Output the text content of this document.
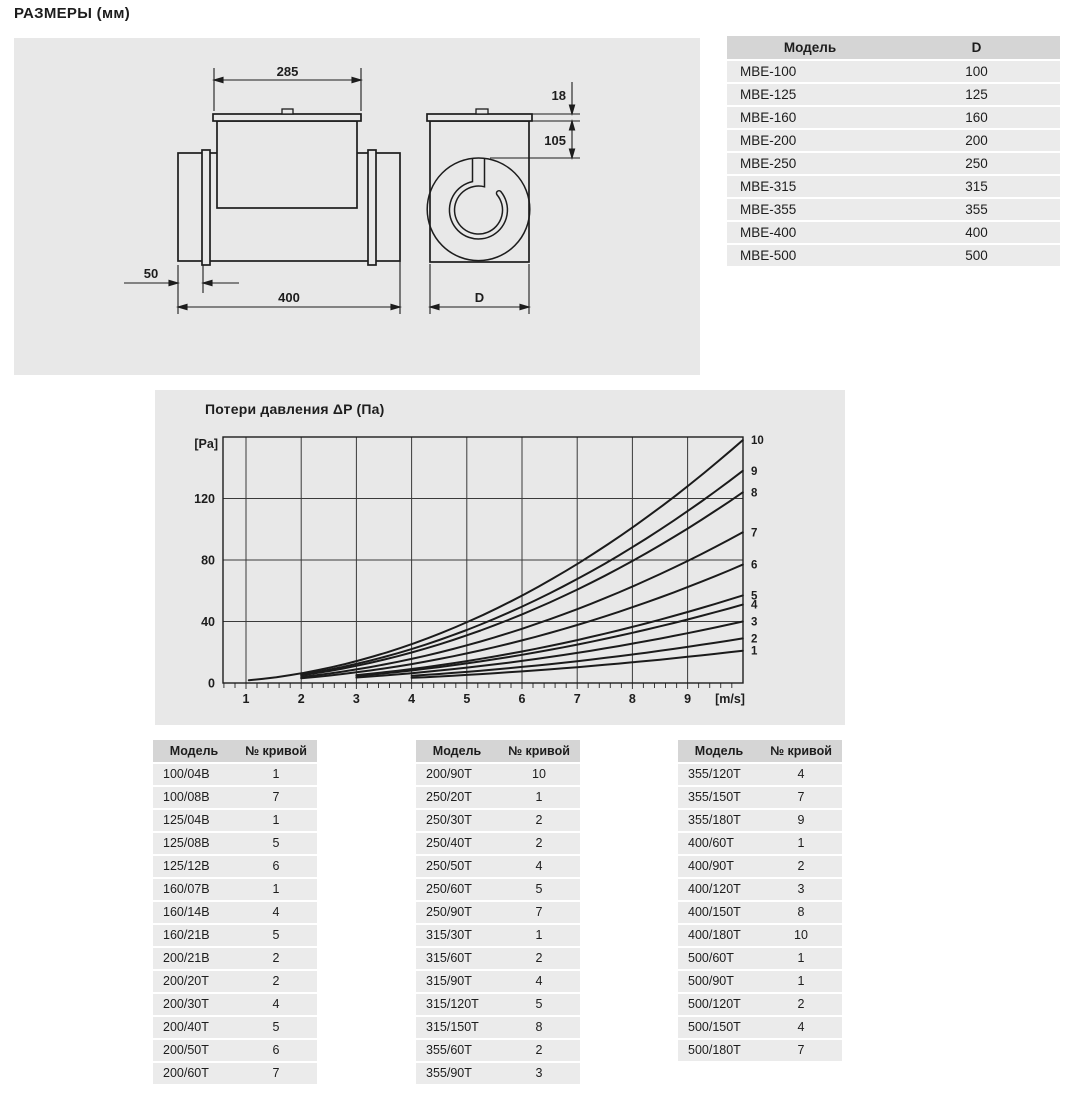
РАЗМЕРЫ (мм)
285
400
50
18
105
D
Модель	D
МВЕ-100	100
МВЕ-125	125
МВЕ-160	160
МВЕ-200	200
МВЕ-250	250
МВЕ-315	315
МВЕ-355	355
МВЕ-400	400
МВЕ-500	500
Потери давления ΔP (Па)
0
40
80
120
[Pa]
1	2	3	4	5	6	7	8	9 [m/s]
1
2
3
4
5
6
7
8
9
10
Модель	№ кривой
100/04B	1
100/08B	7
125/04B	1
125/08B	5
125/12B	6
160/07B	1
160/14B	4
160/21B	5
200/21B	2
200/20T	2
200/30T	4
200/40T	5
200/50T	6
200/60T	7
Модель	№ кривой
200/90T	10
250/20T	1
250/30T	2
250/40T	2
250/50T	4
250/60T	5
250/90T	7
315/30T	1
315/60T	2
315/90T	4
315/120T	5
315/150T	8
355/60T	2
355/90T	3
Модель	№ кривой
355/120T	4
355/150T	7
355/180T	9
400/60T	1
400/90T	2
400/120T	3
400/150T	8
400/180T	10
500/60T	1
500/90T	1
500/120T	2
500/150T	4
500/180T	7
